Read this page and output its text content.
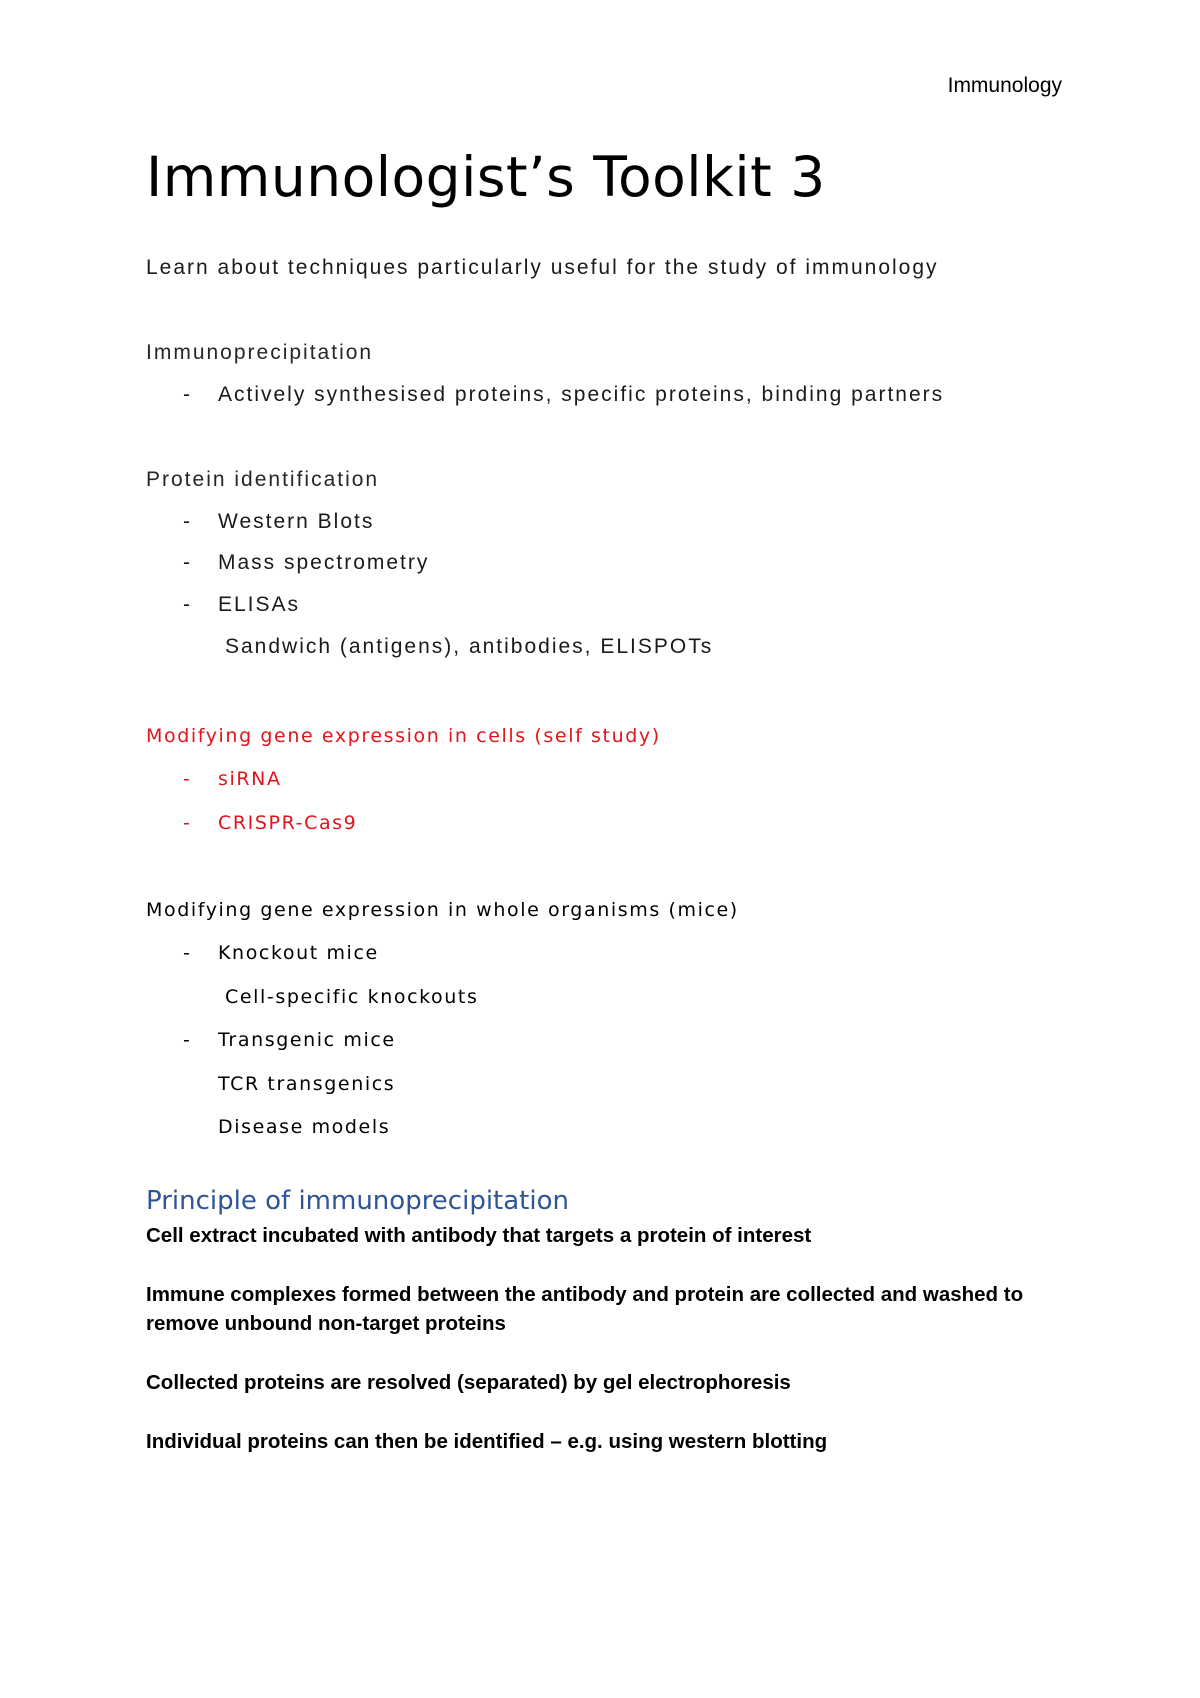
Immunology
Immunologist’s Toolkit 3
Learn about techniques particularly useful for the study of immunology
Immunoprecipitation
- Actively synthesised proteins, specific proteins, binding partners
Protein identification
- Western Blots
- Mass spectrometry
- ELISAs
Sandwich (antigens), antibodies, ELISPOTs
Modifying gene expression in cells (self study)
- siRNA
- CRISPR-Cas9
Modifying gene expression in whole organisms (mice)
- Knockout mice
Cell-specific knockouts
- Transgenic mice
TCR transgenics
Disease models
Principle of immunoprecipitation
Cell extract incubated with antibody that targets a protein of interest
Immune complexes formed between the antibody and protein are collected and washed to remove unbound non-target proteins
Collected proteins are resolved (separated) by gel electrophoresis
Individual proteins can then be identified – e.g. using western blotting
